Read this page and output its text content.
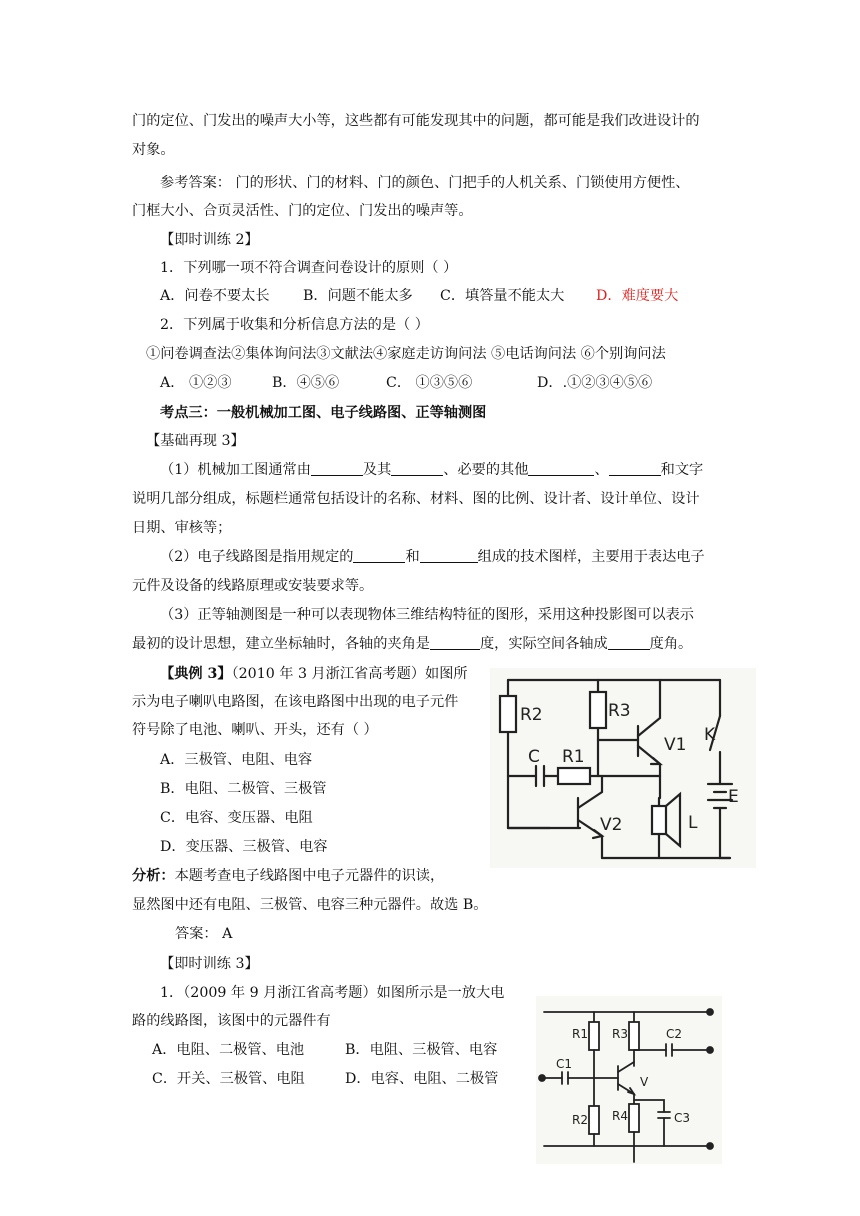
门的定位、门发出的噪声大小等，这些都有可能发现其中的问题，都可能是我们改进设计的
对象。
参考答案： 门的形状、门的材料、门的颜色、门把手的人机关系、门锁使用方便性、
门框大小、合页灵活性、门的定位、门发出的噪声等。
【即时训练 2】
1．下列哪一项不符合调查问卷设计的原则（ ）
A．问卷不要太长 B．问题不能太多 C．填答量不能太大 D．难度要大
2．下列属于收集和分析信息方法的是（ ）
①问卷调查法②集体询问法③文献法④家庭走访询问法 ⑤电话询问法 ⑥个别询问法
A． ①②③	B．④⑤⑥	C． ①③⑤⑥	D．.①②③④⑤⑥
考点三：一般机械加工图、电子线路图、正等轴测图
【基础再现 3】
（1）机械加工图通常由	及其	、必要的其他	、	和文字
说明几部分组成，标题栏通常包括设计的名称、材料、图的比例、设计者、设计单位、设计
日期、审核等；
（2）电子线路图是指用规定的	和	组成的技术图样，主要用于表达电子
元件及设备的线路原理或安装要求等。
（3）正等轴测图是一种可以表现物体三维结构特征的图形，采用这种投影图可以表示
最初的设计思想，建立坐标轴时，各轴的夹角是	度，实际空间各轴成	度角。
【典例 3】（2010 年 3 月浙江省高考题）如图所
示为电子喇叭电路图，在该电路图中出现的电子元件
符号除了电池、喇叭、开头，还有（ ）
A．三极管、电阻、电容
B．电阻、二极管、三极管
C．电容、变压器、电阻
D．变压器、三极管、电容
分析：本题考查电子线路图中电子元器件的识读，
显然图中还有电阻、三极管、电容三种元器件。故选 B。
答案： A
R2	R3
V1 K
C R1
E
V2	L
【即时训练 3】
1．（2009 年 9 月浙江省高考题）如图所示是一放大电
路的线路图，该图中的元器件有
A．电阻、二极管、电池	B．电阻、三极管、电容
C．开关、三极管、电阻	D．电容、电阻、二极管
R1 R3	C2
C1
V
R2 R4	C3
